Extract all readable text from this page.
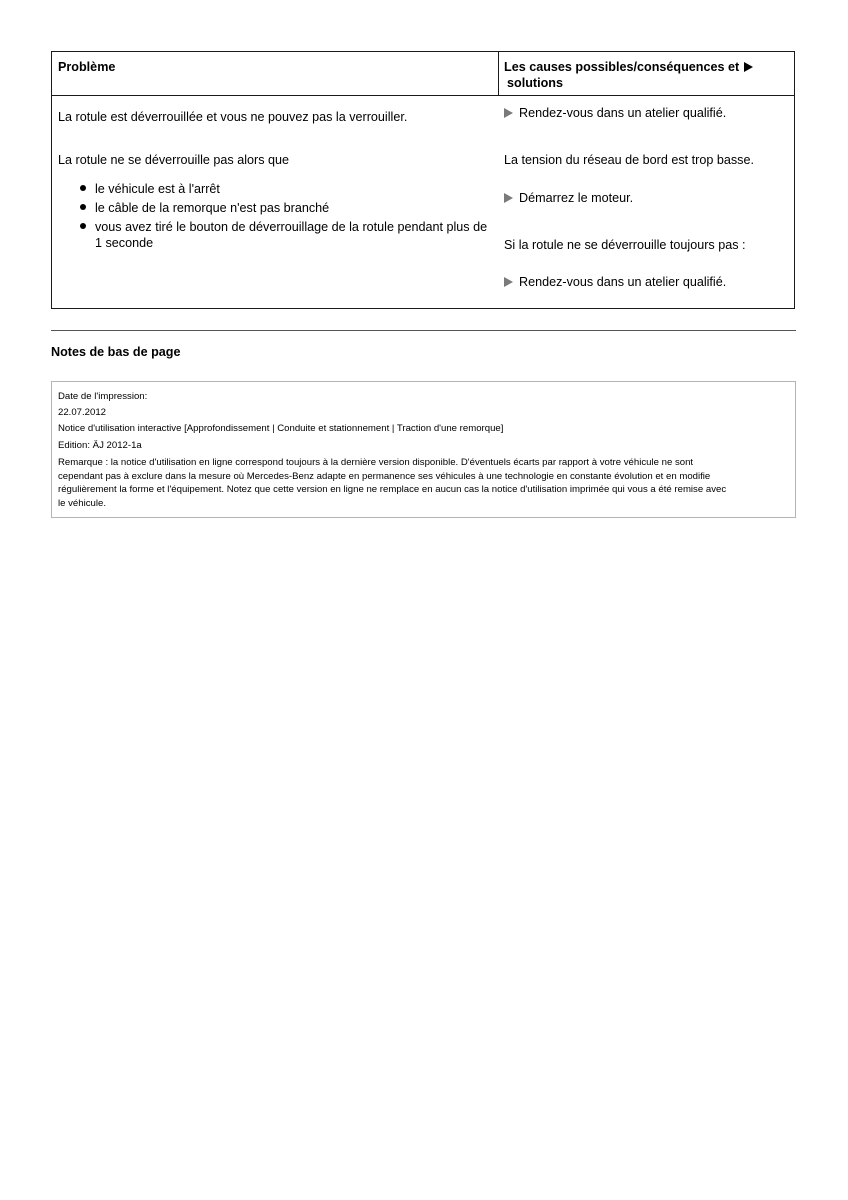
Problème	Les causes possibles/conséquences et
solutions
La rotule est déverrouillée et vous ne pouvez pas la verrouiller.	Rendez-vous dans un atelier qualifié.
La rotule ne se déverrouille pas alors que
le véhicule est à l'arrêt
le câble de la remorque n'est pas branché
vous avez tiré le bouton de déverrouillage de la rotule pendant plus de
1 seconde
La tension du réseau de bord est trop basse.
Démarrez le moteur.
Si la rotule ne se déverrouille toujours pas :
Rendez-vous dans un atelier qualifié.
Notes de bas de page
Date de l'impression:
22.07.2012
Notice d'utilisation interactive [Approfondissement | Conduite et stationnement | Traction d'une remorque]
Edition: ÄJ 2012-1a
Remarque : la notice d'utilisation en ligne correspond toujours à la dernière version disponible. D'éventuels écarts par rapport à votre véhicule ne sont
cependant pas à exclure dans la mesure où Mercedes-Benz adapte en permanence ses véhicules à une technologie en constante évolution et en modifie
régulièrement la forme et l'équipement. Notez que cette version en ligne ne remplace en aucun cas la notice d'utilisation imprimée qui vous a été remise avec
le véhicule.
